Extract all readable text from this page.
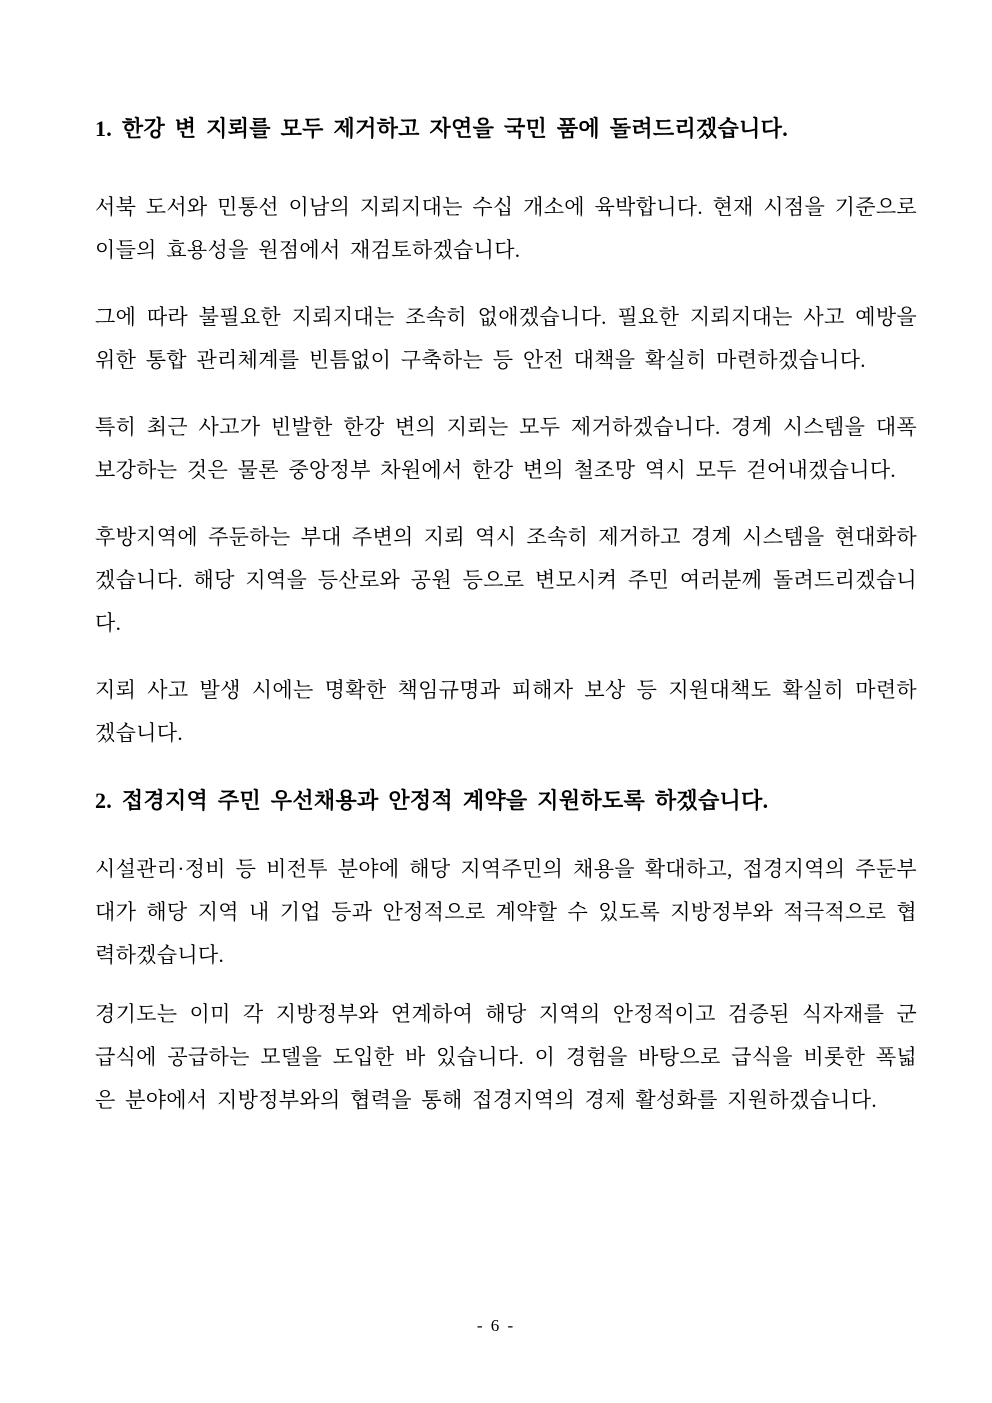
1. 한강 변 지뢰를 모두 제거하고 자연을 국민 품에 돌려드리겠습니다.

서북 도서와 민통선 이남의 지뢰지대는 수십 개소에 육박합니다. 현재 시점을 기준으로 이들의 효용성을 원점에서 재검토하겠습니다.

그에 따라 불필요한 지뢰지대는 조속히 없애겠습니다. 필요한 지뢰지대는 사고 예방을 위한 통합 관리체계를 빈틈없이 구축하는 등 안전 대책을 확실히 마련하겠습니다.

특히 최근 사고가 빈발한 한강 변의 지뢰는 모두 제거하겠습니다. 경계 시스템을 대폭 보강하는 것은 물론 중앙정부 차원에서 한강 변의 철조망 역시 모두 걷어내겠습니다.

후방지역에 주둔하는 부대 주변의 지뢰 역시 조속히 제거하고 경계 시스템을 현대화하겠습니다. 해당 지역을 등산로와 공원 등으로 변모시켜 주민 여러분께 돌려드리겠습니다.

지뢰 사고 발생 시에는 명확한 책임규명과 피해자 보상 등 지원대책도 확실히 마련하겠습니다.

2. 접경지역 주민 우선채용과 안정적 계약을 지원하도록 하겠습니다.

시설관리·정비 등 비전투 분야에 해당 지역주민의 채용을 확대하고, 접경지역의 주둔부대가 해당 지역 내 기업 등과 안정적으로 계약할 수 있도록 지방정부와 적극적으로 협력하겠습니다.

경기도는 이미 각 지방정부와 연계하여 해당 지역의 안정적이고 검증된 식자재를 군 급식에 공급하는 모델을 도입한 바 있습니다. 이 경험을 바탕으로 급식을 비롯한 폭넓은 분야에서 지방정부와의 협력을 통해 접경지역의 경제 활성화를 지원하겠습니다.

- 6 -
